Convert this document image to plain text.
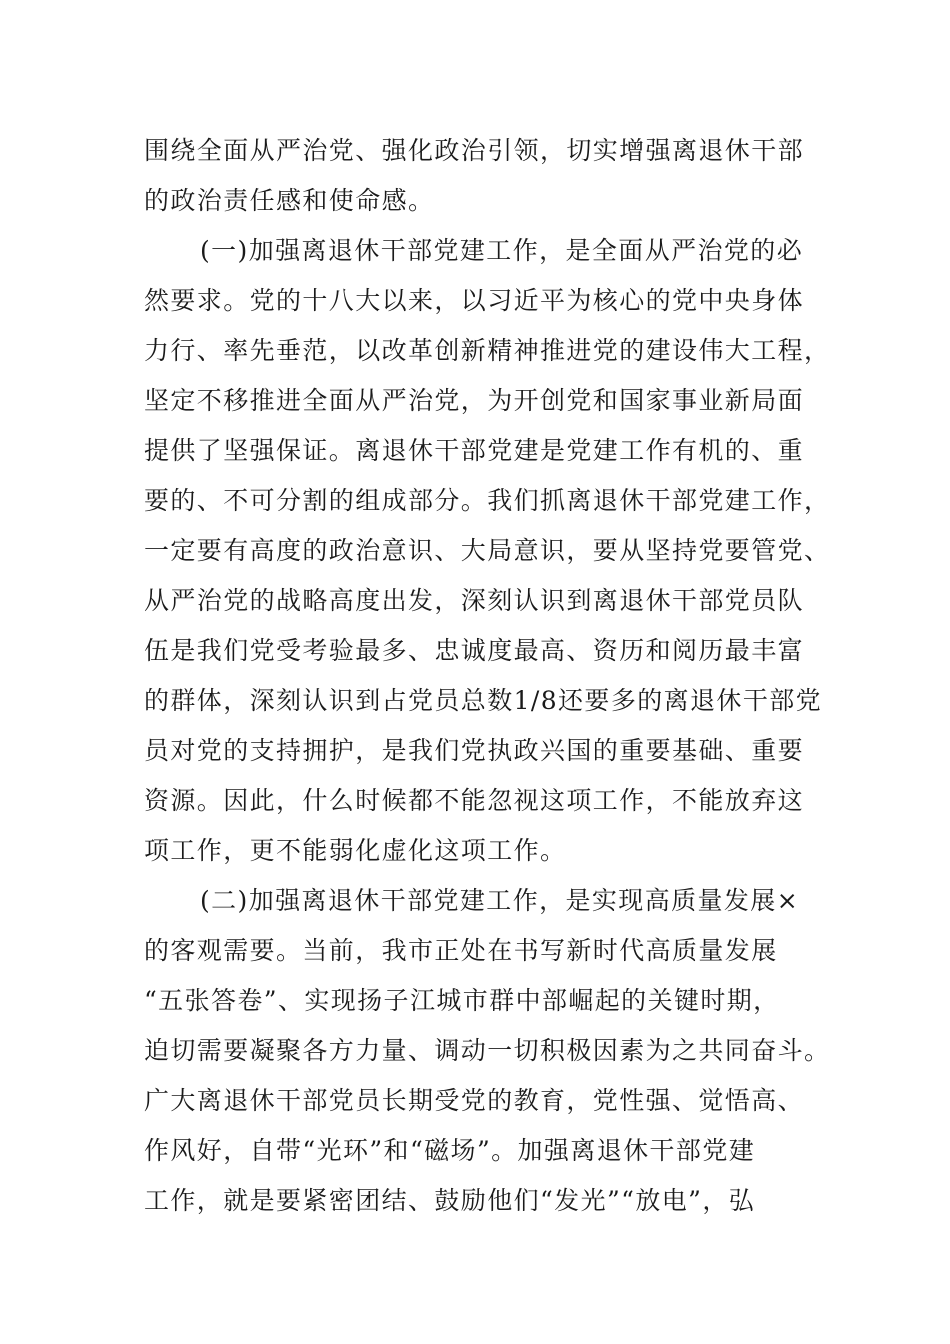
围绕全面从严治党、强化政治引领，切实增强离退休干部
的政治责任感和使命感。
(一)加强离退休干部党建工作，是全面从严治党的必
然要求。党的十八大以来，以习近平为核心的党中央身体
力行、率先垂范，以改革创新精神推进党的建设伟大工程，
坚定不移推进全面从严治党，为开创党和国家事业新局面
提供了坚强保证。离退休干部党建是党建工作有机的、重
要的、不可分割的组成部分。我们抓离退休干部党建工作，
一定要有高度的政治意识、大局意识，要从坚持党要管党、
从严治党的战略高度出发，深刻认识到离退休干部党员队
伍是我们党受考验最多、忠诚度最高、资历和阅历最丰富
的群体，深刻认识到占党员总数1/8还要多的离退休干部党
员对党的支持拥护，是我们党执政兴国的重要基础、重要
资源。因此，什么时候都不能忽视这项工作，不能放弃这
项工作，更不能弱化虚化这项工作。
(二)加强离退休干部党建工作，是实现高质量发展×
的客观需要。当前，我市正处在书写新时代高质量发展
“五张答卷”、实现扬子江城市群中部崛起的关键时期，
迫切需要凝聚各方力量、调动一切积极因素为之共同奋斗。
广大离退休干部党员长期受党的教育，党性强、觉悟高、
作风好，自带“光环”和“磁场”。加强离退休干部党建
工作，就是要紧密团结、鼓励他们“发光”“放电”，弘
